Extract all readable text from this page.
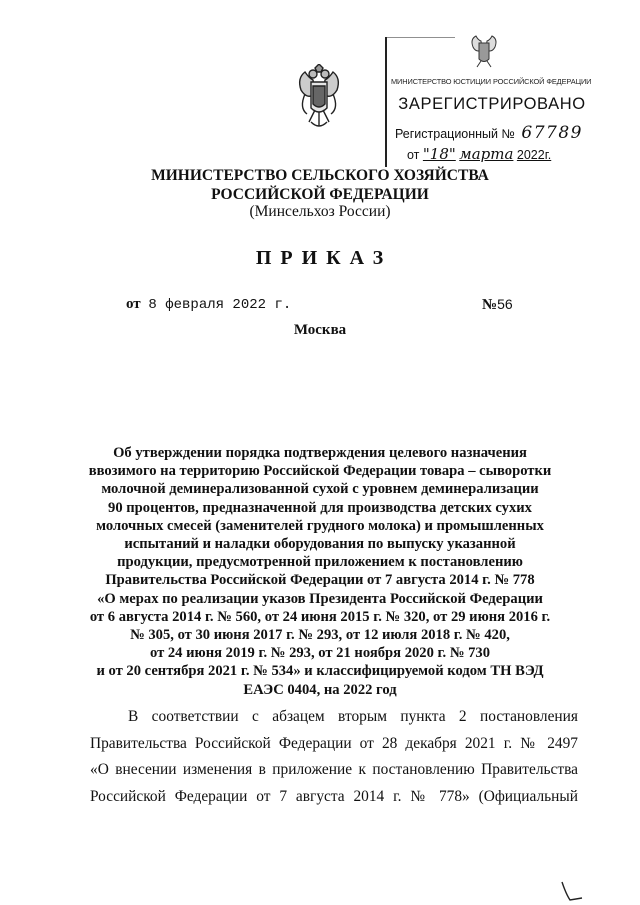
МИНИСТЕРСТВО ЮСТИЦИИ РОССИЙСКОЙ ФЕДЕРАЦИИ
ЗАРЕГИСТРИРОВАНО
Регистрационный № 67789
от "18" марта 2022г.
МИНИСТЕРСТВО СЕЛЬСКОГО ХОЗЯЙСТВА
РОССИЙСКОЙ ФЕДЕРАЦИИ
(Минсельхоз России)
ПРИКАЗ
от 8 февраля 2022 г.	№56
Москва
Об утверждении порядка подтверждения целевого назначения
ввозимого на территорию Российской Федерации товара – сыворотки
молочной деминерализованной сухой с уровнем деминерализации
90 процентов, предназначенной для производства детских сухих
молочных смесей (заменителей грудного молока) и промышленных
испытаний и наладки оборудования по выпуску указанной
продукции, предусмотренной приложением к постановлению
Правительства Российской Федерации от 7 августа 2014 г. № 778
«О мерах по реализации указов Президента Российской Федерации
от 6 августа 2014 г. № 560, от 24 июня 2015 г. № 320, от 29 июня 2016 г.
№ 305, от 30 июня 2017 г. № 293, от 12 июля 2018 г. № 420,
от 24 июня 2019 г. № 293, от 21 ноября 2020 г. № 730
и от 20 сентября 2021 г. № 534» и классифицируемой кодом ТН ВЭД
ЕАЭС 0404, на 2022 год
В соответствии с абзацем вторым пункта 2 постановления
Правительства Российской Федерации от 28 декабря 2021 г. № 2497
«О внесении изменения в приложение к постановлению Правительства
Российской Федерации от 7 августа 2014 г. № 778» (Официальный
